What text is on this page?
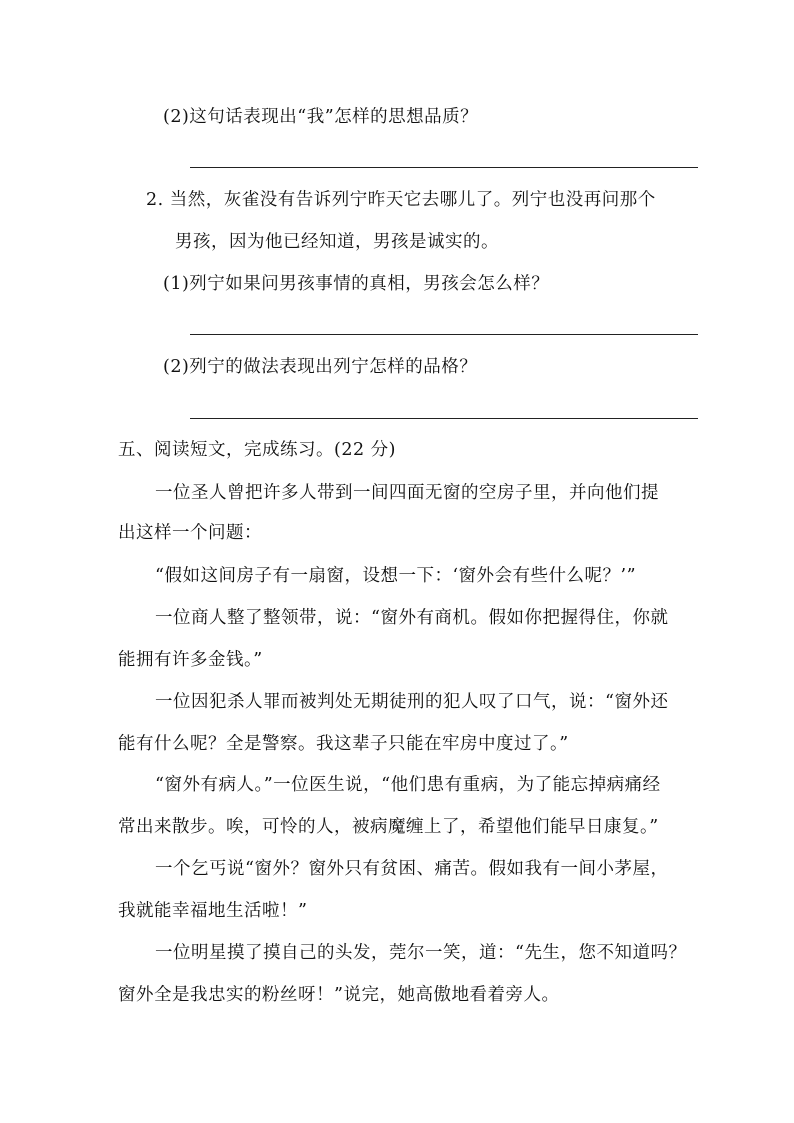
(2)这句话表现出“我”怎样的思想品质？
2. 当然，灰雀没有告诉列宁昨天它去哪儿了。列宁也没再问那个
男孩，因为他已经知道，男孩是诚实的。
(1)列宁如果问男孩事情的真相，男孩会怎么样？
(2)列宁的做法表现出列宁怎样的品格？
五、阅读短文，完成练习。(22 分)
一位圣人曾把许多人带到一间四面无窗的空房子里，并向他们提
出这样一个问题：
“假如这间房子有一扇窗，设想一下：‘窗外会有些什么呢？’”
一位商人整了整领带，说：“窗外有商机。假如你把握得住，你就
能拥有许多金钱。”
一位因犯杀人罪而被判处无期徒刑的犯人叹了口气，说：“窗外还
能有什么呢？全是警察。我这辈子只能在牢房中度过了。”
“窗外有病人。”一位医生说，“他们患有重病，为了能忘掉病痛经
常出来散步。唉，可怜的人，被病魔缠上了，希望他们能早日康复。”
一个乞丐说“窗外？窗外只有贫困、痛苦。假如我有一间小茅屋，
我就能幸福地生活啦！”
一位明星摸了摸自己的头发，莞尔一笑，道：“先生，您不知道吗？
窗外全是我忠实的粉丝呀！”说完，她高傲地看着旁人。
